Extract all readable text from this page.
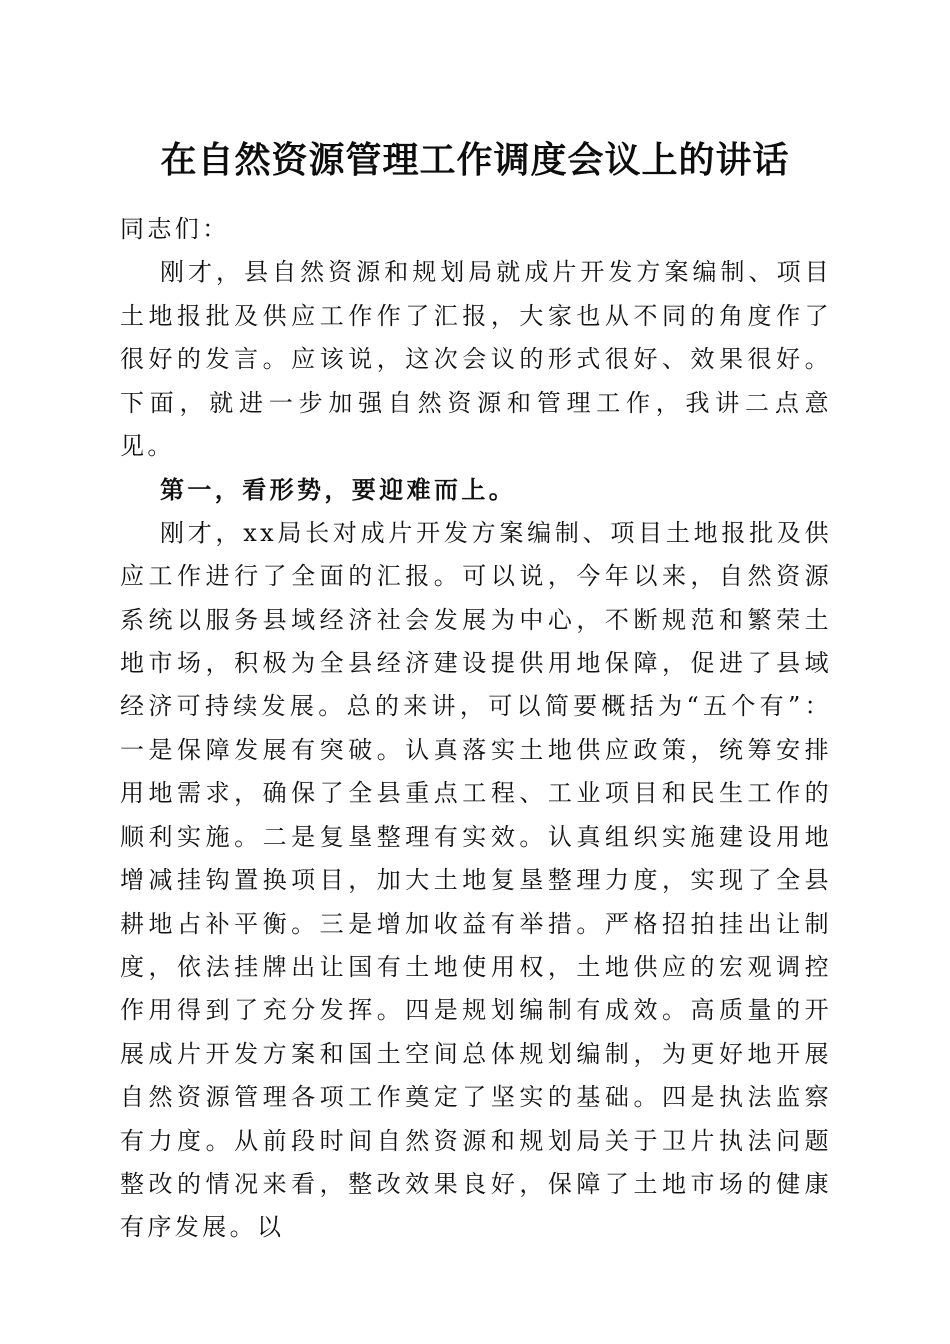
在自然资源管理工作调度会议上的讲话

同志们：

刚才，县自然资源和规划局就成片开发方案编制、项目土地报批及供应工作作了汇报，大家也从不同的角度作了很好的发言。应该说，这次会议的形式很好、效果很好。下面，就进一步加强自然资源和管理工作，我讲二点意见。

第一，看形势，要迎难而上。

刚才，xx局长对成片开发方案编制、项目土地报批及供应工作进行了全面的汇报。可以说，今年以来，自然资源系统以服务县域经济社会发展为中心，不断规范和繁荣土地市场，积极为全县经济建设提供用地保障，促进了县域经济可持续发展。总的来讲，可以简要概括为“五个有”：一是保障发展有突破。认真落实土地供应政策，统筹安排用地需求，确保了全县重点工程、工业项目和民生工作的顺利实施。二是复垦整理有实效。认真组织实施建设用地增减挂钩置换项目，加大土地复垦整理力度，实现了全县耕地占补平衡。三是增加收益有举措。严格招拍挂出让制度，依法挂牌出让国有土地使用权，土地供应的宏观调控作用得到了充分发挥。四是规划编制有成效。高质量的开展成片开发方案和国土空间总体规划编制，为更好地开展自然资源管理各项工作奠定了坚实的基础。四是执法监察有力度。从前段时间自然资源和规划局关于卫片执法问题整改的情况来看，整改效果良好，保障了土地市场的健康有序发展。以
